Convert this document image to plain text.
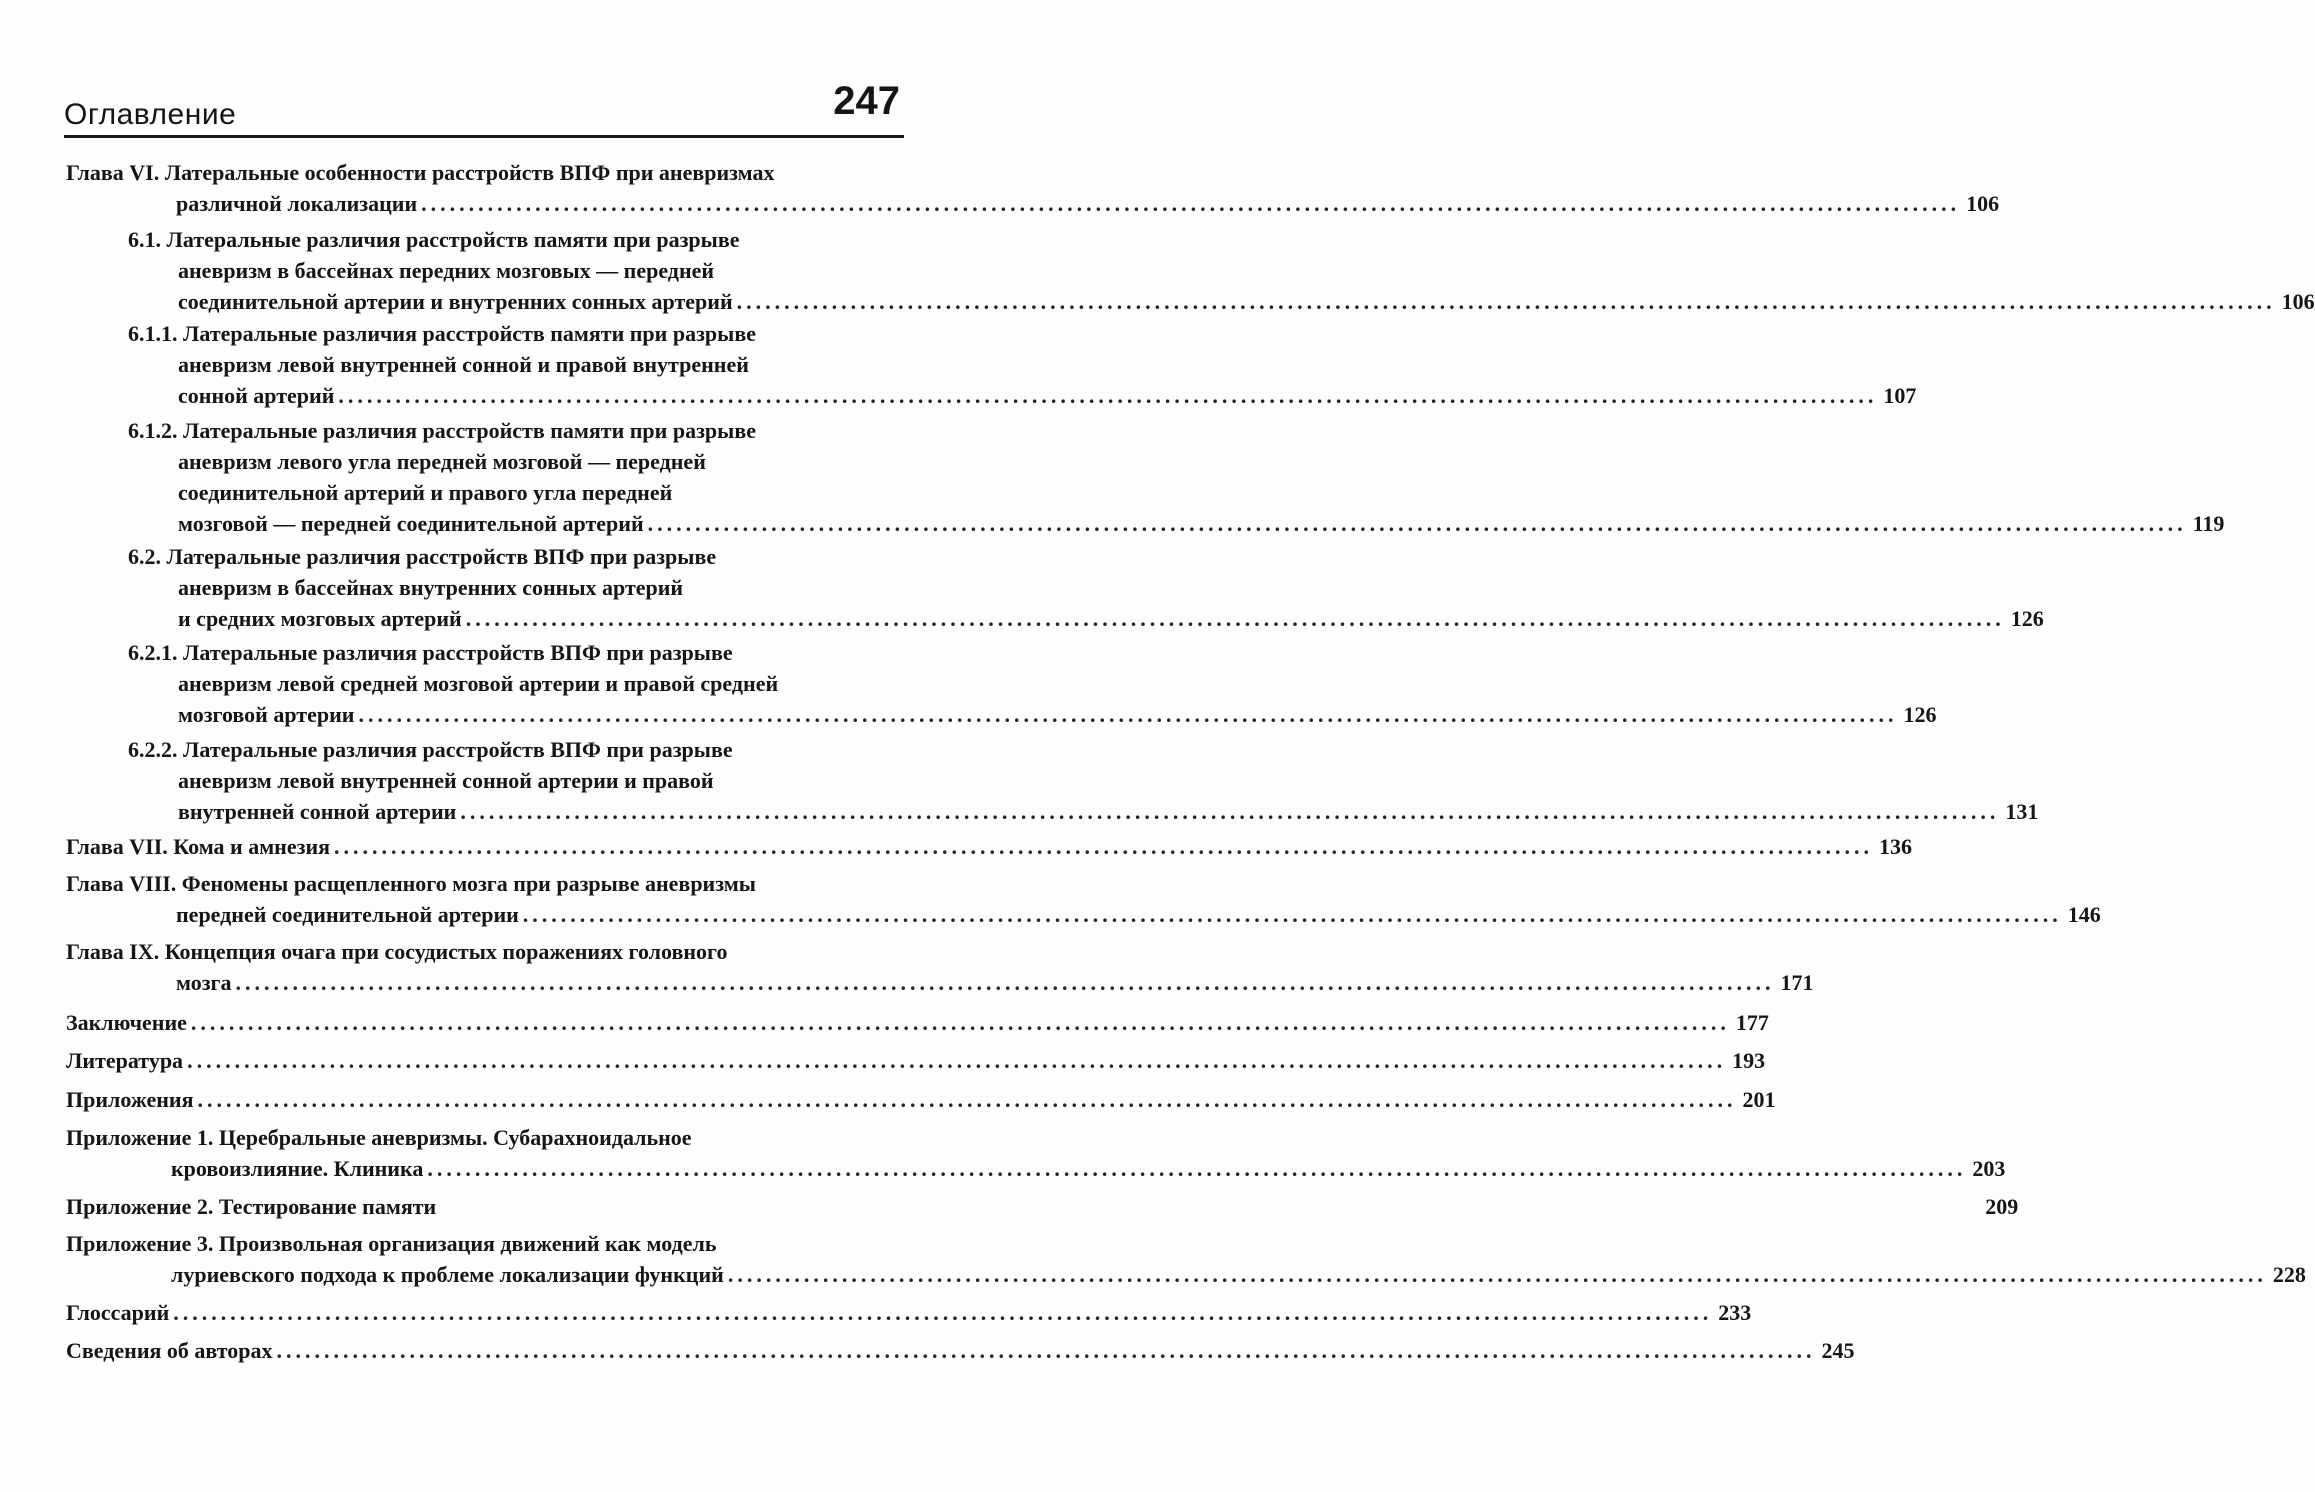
Оглавление	247
Глава VI. Латеральные особенности расстройств ВПФ при аневризмах
различной локализации .................................................................................................................................................................. 106
6.1. Латеральные различия расстройств памяти при разрыве
аневризм в бассейнах передних мозговых — передней
соединительной артерии и внутренних сонных артерий .................................................................................................................................................................. 106
6.1.1. Латеральные различия расстройств памяти при разрыве
аневризм левой внутренней сонной и правой внутренней
сонной артерий .................................................................................................................................................................. 107
6.1.2. Латеральные различия расстройств памяти при разрыве
аневризм левого угла передней мозговой — передней
соединительной артерий и правого угла передней
мозговой — передней соединительной артерий .................................................................................................................................................................. 119
6.2. Латеральные различия расстройств ВПФ при разрыве
аневризм в бассейнах внутренних сонных артерий
и средних мозговых артерий .................................................................................................................................................................. 126
6.2.1. Латеральные различия расстройств ВПФ при разрыве
аневризм левой средней мозговой артерии и правой средней
мозговой артерии .................................................................................................................................................................. 126
6.2.2. Латеральные различия расстройств ВПФ при разрыве
аневризм левой внутренней сонной артерии и правой
внутренней сонной артерии .................................................................................................................................................................. 131
Глава VII. Кома и амнезия .................................................................................................................................................................. 136
Глава VIII. Феномены расщепленного мозга при разрыве аневризмы
передней соединительной артерии .................................................................................................................................................................. 146
Глава IX. Концепция очага при сосудистых поражениях головного
мозга .................................................................................................................................................................. 171
Заключение .................................................................................................................................................................. 177
Литература .................................................................................................................................................................. 193
Приложения .................................................................................................................................................................. 201
Приложение 1. Церебральные аневризмы. Субарахноидальное
кровоизлияние. Клиника .................................................................................................................................................................. 203
Приложение 2. Тестирование памяти	209
Приложение 3. Произвольная организация движений как модель
луриевского подхода к проблеме локализации функций .................................................................................................................................................................. 228
Глоссарий .................................................................................................................................................................. 233
Сведения об авторах .................................................................................................................................................................. 245
